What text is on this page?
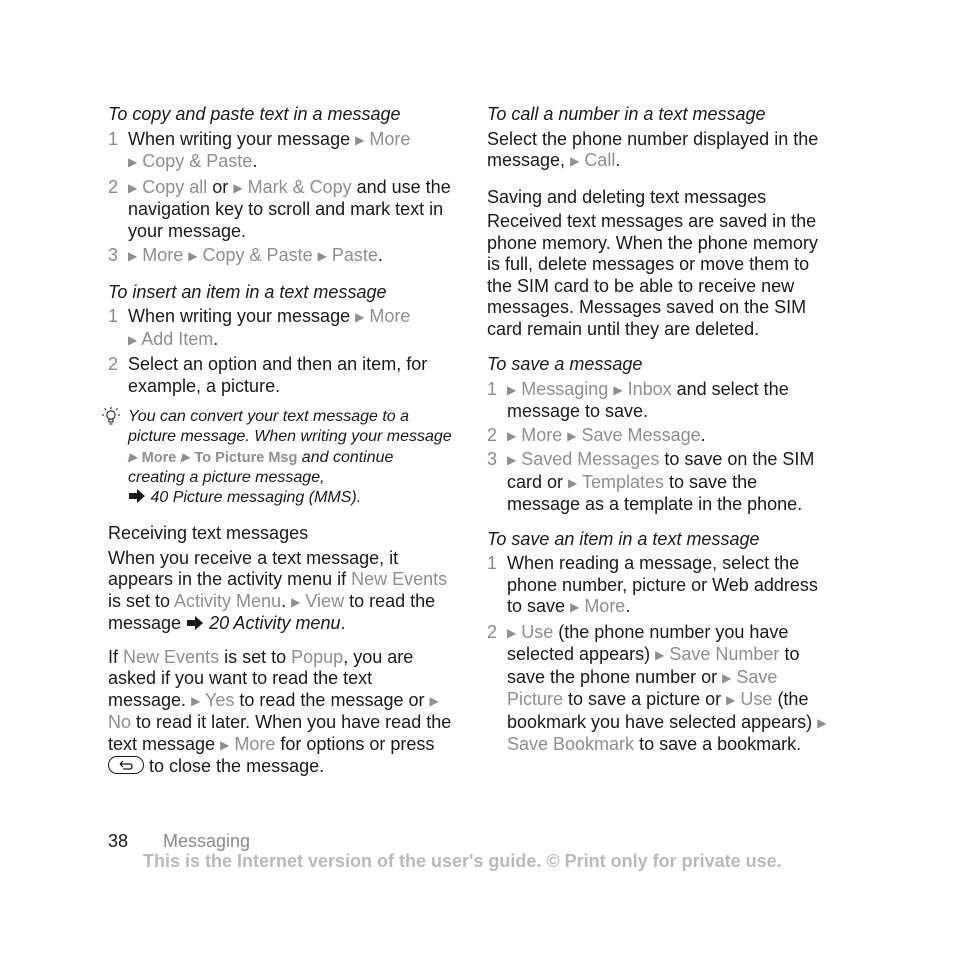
To copy and paste text in a message

1 When writing your message ▶ More
▶ Copy & Paste.

2 ▶ Copy all or ▶ Mark & Copy and use the navigation key to scroll and mark text in your message.

3 ▶ More ▶ Copy & Paste ▶ Paste.

To insert an item in a text message

1 When writing your message ▶ More
▶ Add Item.

2 Select an option and then an item, for example, a picture.

You can convert your text message to a picture message. When writing your message ▶ More ▶ To Picture Msg and continue creating a picture message,
40 Picture messaging (MMS).

Receiving text messages

When you receive a text message, it appears in the activity menu if New Events is set to Activity Menu. ▶ View to read the message 20 Activity menu.

If New Events is set to Popup, you are asked if you want to read the text message. ▶ Yes to read the message or ▶ No to read it later. When you have read the text message ▶ More for options or press
to close the message.

To call a number in a text message

Select the phone number displayed in the message, ▶ Call.

Saving and deleting text messages

Received text messages are saved in the phone memory. When the phone memory is full, delete messages or move them to the SIM card to be able to receive new messages. Messages saved on the SIM card remain until they are deleted.

To save a message

1 ▶ Messaging ▶ Inbox and select the message to save.

2 ▶ More ▶ Save Message.

3 ▶ Saved Messages to save on the SIM card or ▶ Templates to save the message as a template in the phone.

To save an item in a text message

1 When reading a message, select the phone number, picture or Web address to save ▶ More.

2 ▶ Use (the phone number you have selected appears) ▶ Save Number to save the phone number or ▶ Save Picture to save a picture or ▶ Use (the bookmark you have selected appears) ▶ Save Bookmark to save a bookmark.

38 Messaging
This is the Internet version of the user's guide. © Print only for private use.
